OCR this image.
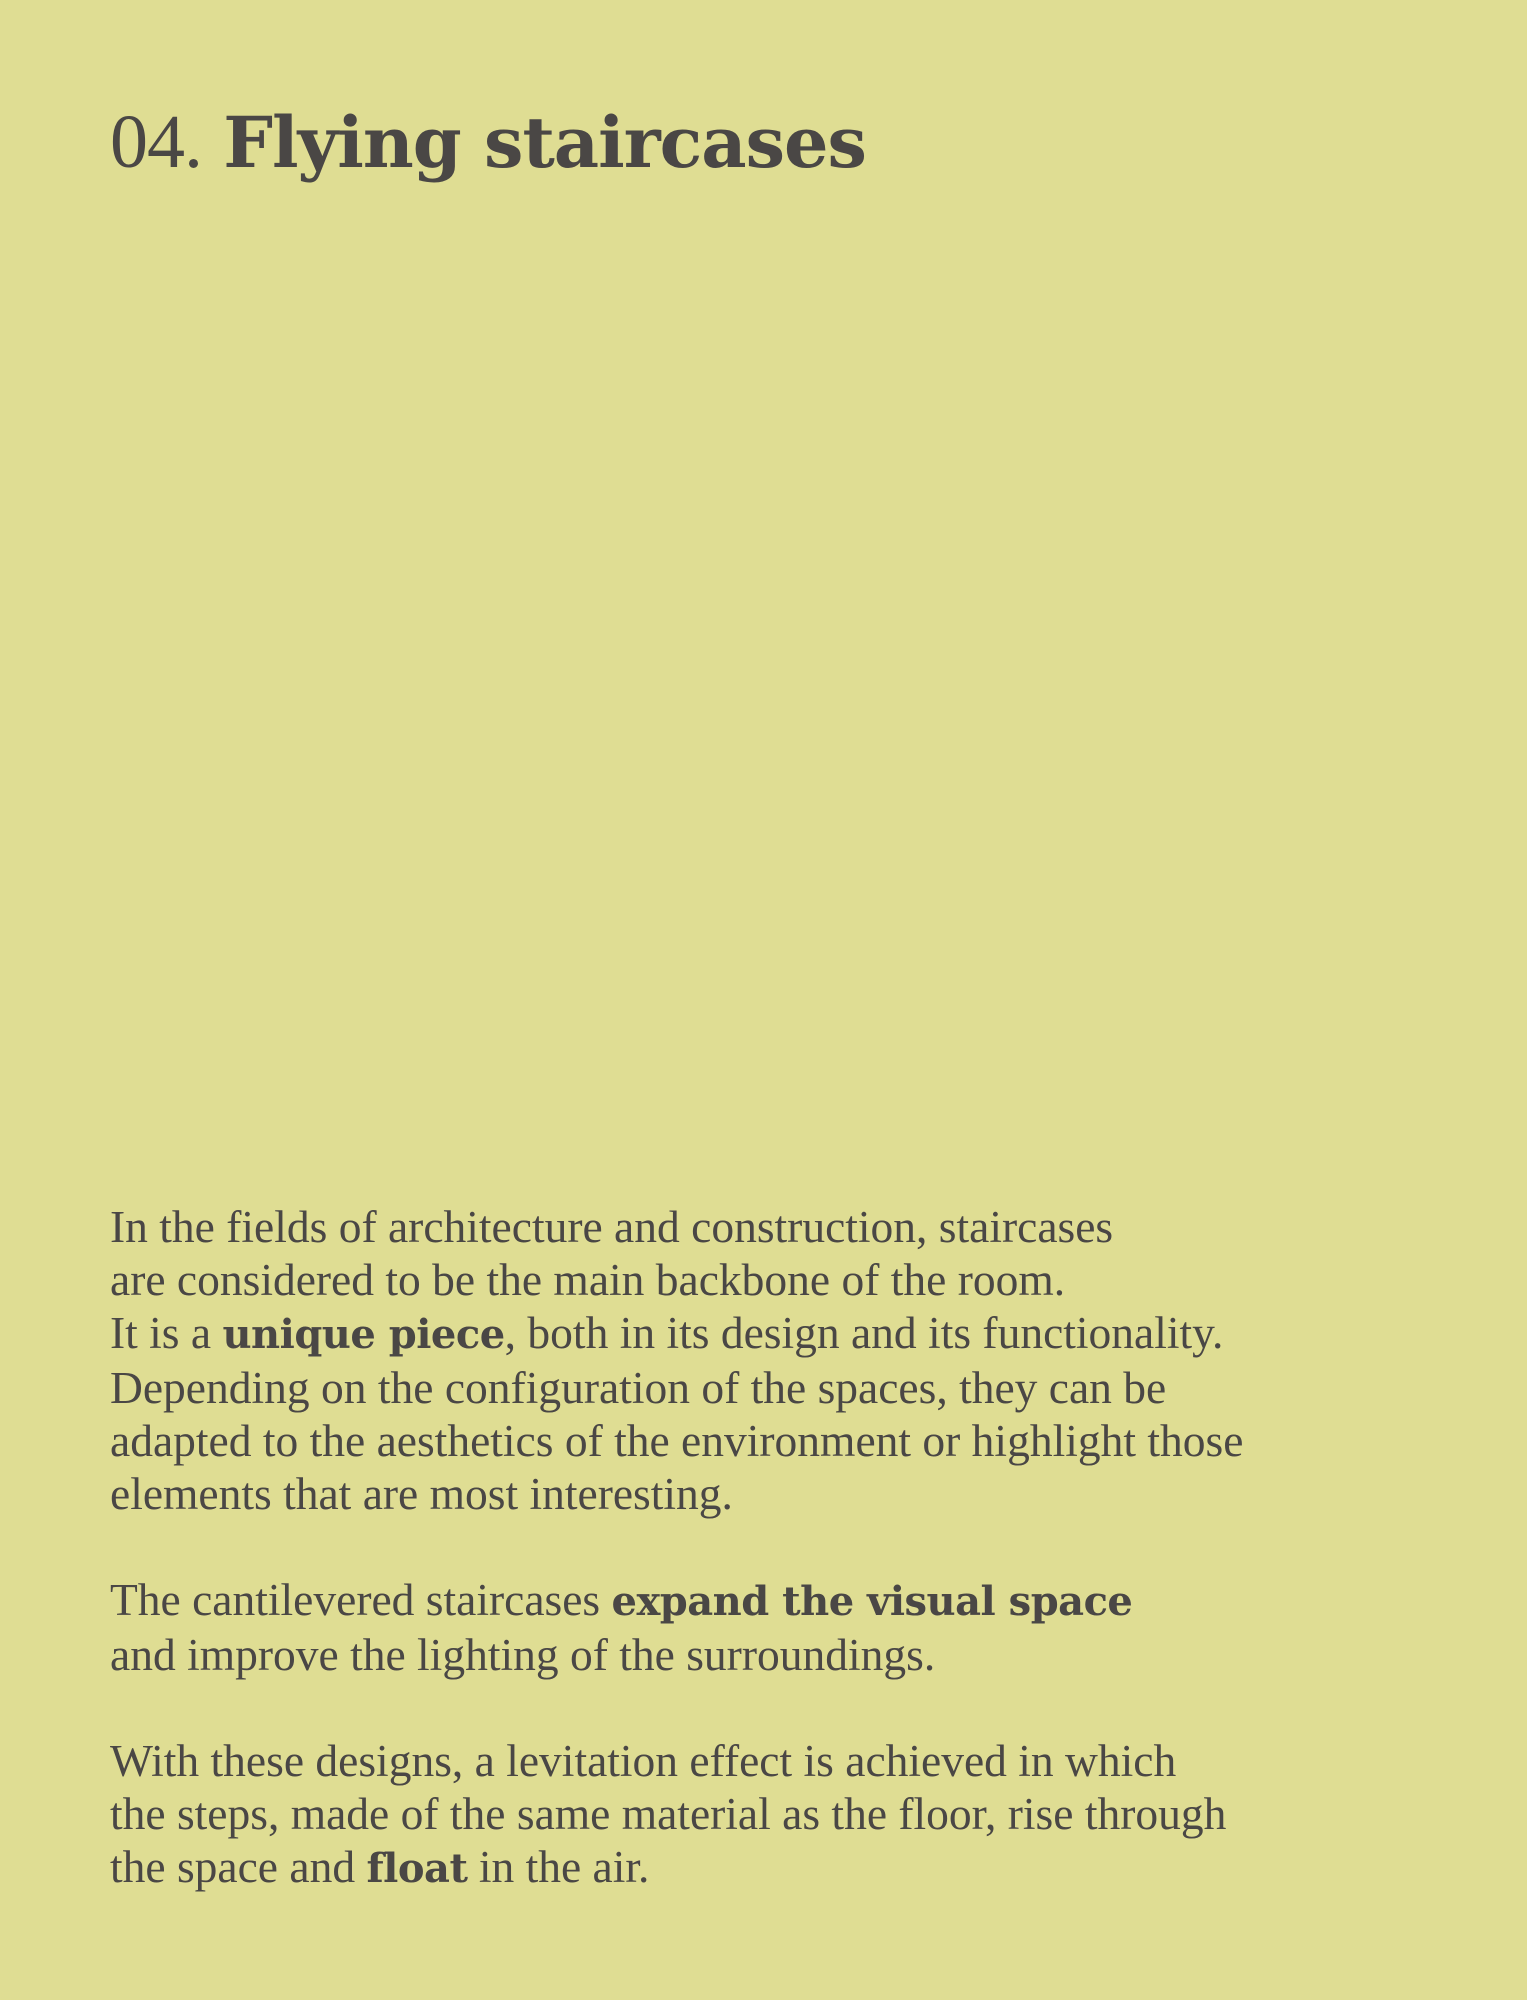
04. Flying staircases

In the fields of architecture and construction, staircases
are considered to be the main backbone of the room.
It is a unique piece, both in its design and its functionality.
Depending on the configuration of the spaces, they can be
adapted to the aesthetics of the environment or highlight those
elements that are most interesting.

The cantilevered staircases expand the visual space
and improve the lighting of the surroundings.

With these designs, a levitation effect is achieved in which
the steps, made of the same material as the floor, rise through
the space and float in the air.
